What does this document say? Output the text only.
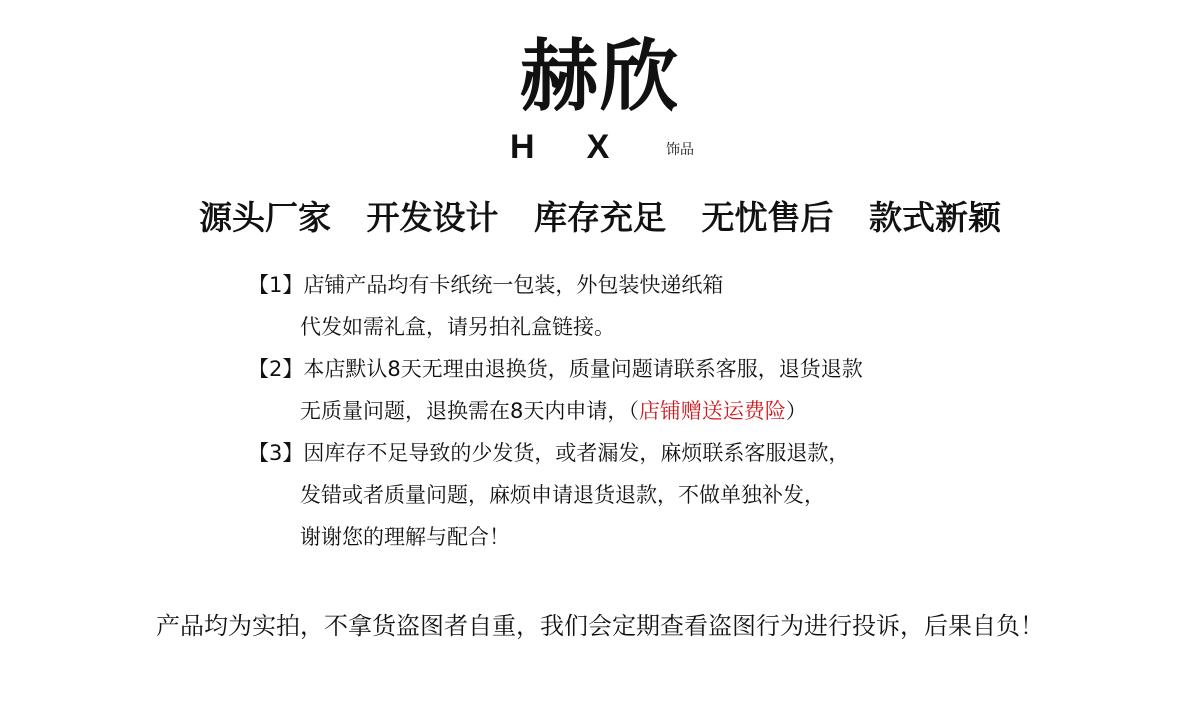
赫欣
H X	饰品
源头厂家 开发设计 库存充足 无忧售后 款式新颖
【1】店铺产品均有卡纸统一包装，外包装快递纸箱
代发如需礼盒，请另拍礼盒链接。
【2】本店默认8天无理由退换货，质量问题请联系客服，退货退款
无质量问题，退换需在8天内申请，（店铺赠送运费险）
【3】因库存不足导致的少发货，或者漏发，麻烦联系客服退款，
发错或者质量问题，麻烦申请退货退款，不做单独补发，
谢谢您的理解与配合！
产品均为实拍，不拿货盗图者自重，我们会定期查看盗图行为进行投诉，后果自负！
